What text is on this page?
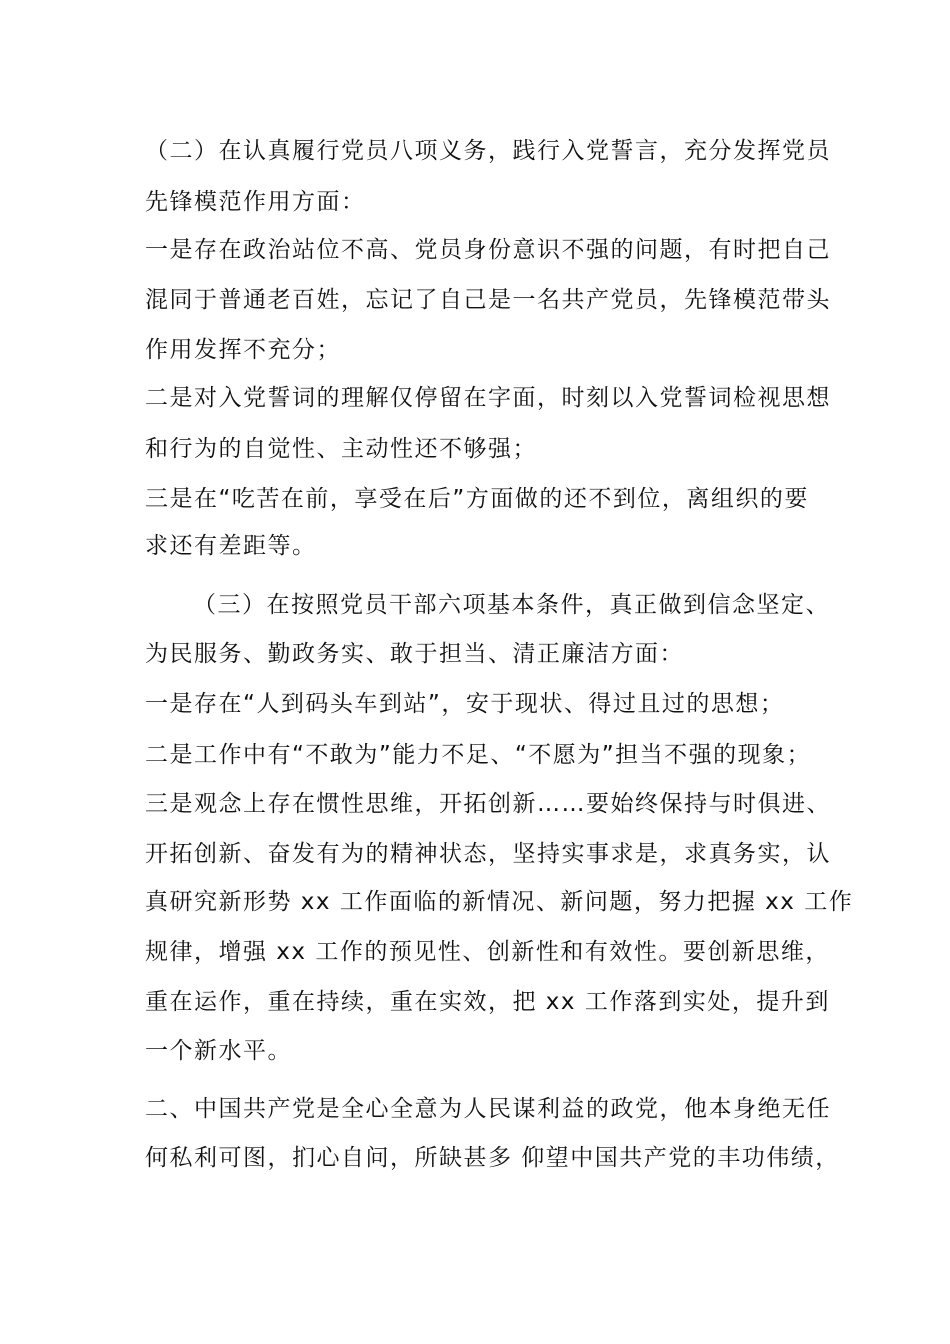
（二）在认真履行党员八项义务，践行入党誓言，充分发挥党员
先锋模范作用方面：
一是存在政治站位不高、党员身份意识不强的问题，有时把自己
混同于普通老百姓，忘记了自己是一名共产党员，先锋模范带头
作用发挥不充分；
二是对入党誓词的理解仅停留在字面，时刻以入党誓词检视思想
和行为的自觉性、主动性还不够强；
三是在“吃苦在前，享受在后”方面做的还不到位，离组织的要
求还有差距等。
（三）在按照党员干部六项基本条件，真正做到信念坚定、
为民服务、勤政务实、敢于担当、清正廉洁方面：
一是存在“人到码头车到站”，安于现状、得过且过的思想；
二是工作中有“不敢为”能力不足、“不愿为”担当不强的现象；
三是观念上存在惯性思维，开拓创新……要始终保持与时俱进、
开拓创新、奋发有为的精神状态，坚持实事求是，求真务实，认
真研究新形势 xx 工作面临的新情况、新问题，努力把握 xx 工作
规律，增强 xx 工作的预见性、创新性和有效性。要创新思维，
重在运作，重在持续，重在实效，把 xx 工作落到实处，提升到
一个新水平。
二、中国共产党是全心全意为人民谋利益的政党，他本身绝无任
何私利可图，扪心自问，所缺甚多 仰望中国共产党的丰功伟绩，
